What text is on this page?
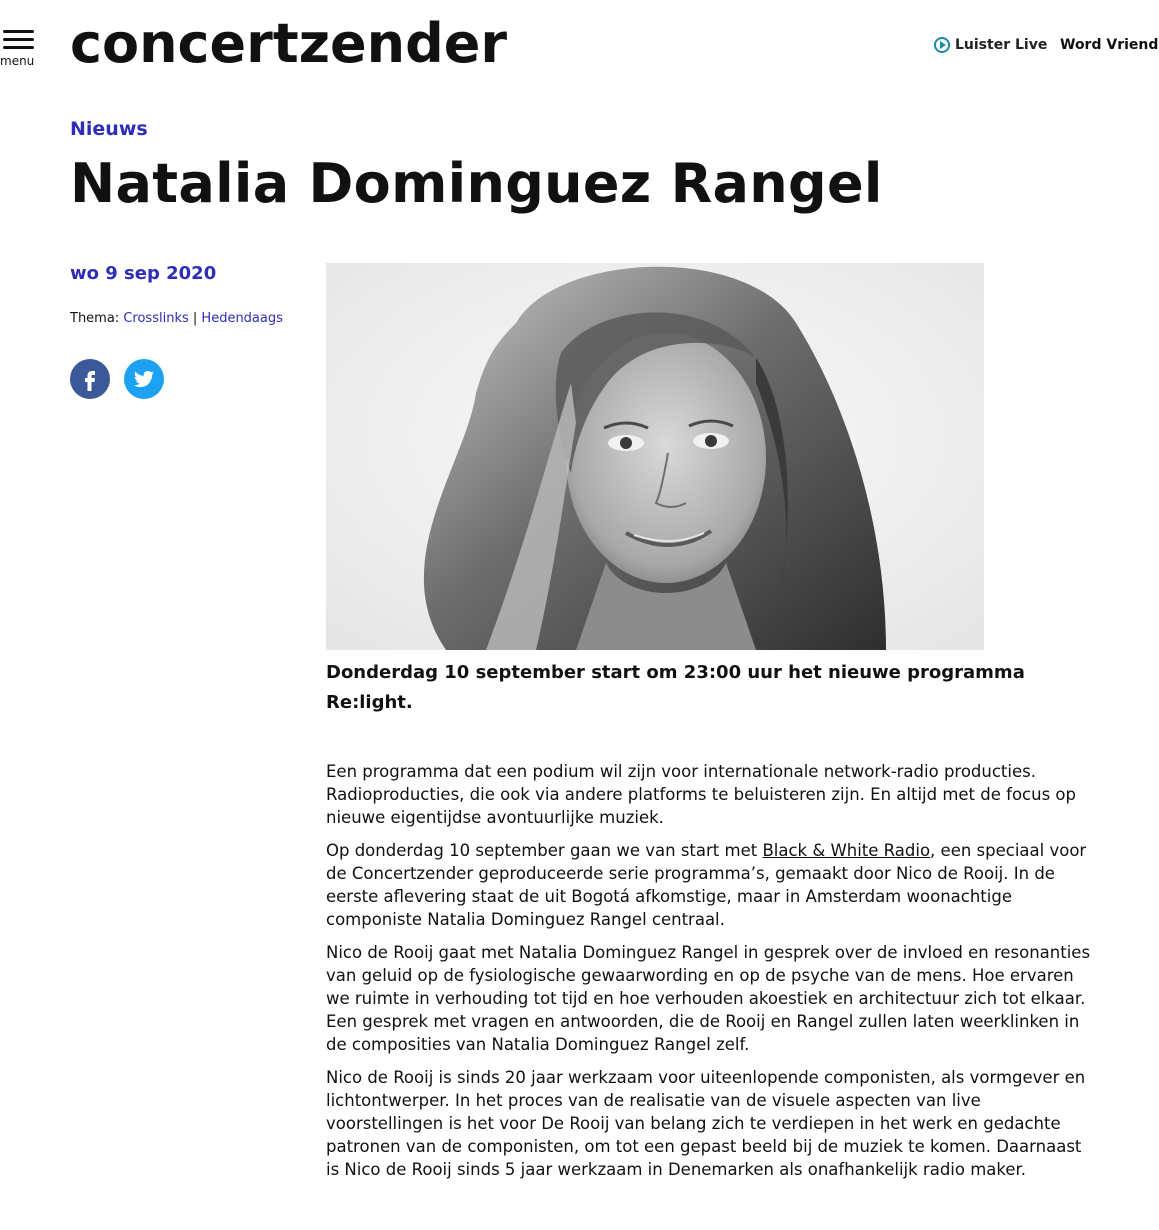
menu concertzender	Luister Live Word Vriend
Nieuws
Natalia Dominguez Rangel
wo 9 sep 2020
Thema: Crosslinks | Hedendaags
Donderdag 10 september start om 23:00 uur het nieuwe programma Re:light.

Een programma dat een podium wil zijn voor internationale network-radio producties. Radioproducties, die ook via andere platforms te beluisteren zijn. En altijd met de focus op nieuwe eigentijdse avontuurlijke muziek.

Op donderdag 10 september gaan we van start met Black & White Radio, een speciaal voor de Concertzender geproduceerde serie programma’s, gemaakt door Nico de Rooij. In de eerste aflevering staat de uit Bogotá afkomstige, maar in Amsterdam woonachtige componiste Natalia Dominguez Rangel centraal.

Nico de Rooij gaat met Natalia Dominguez Rangel in gesprek over de invloed en resonanties van geluid op de fysiologische gewaarwording en op de psyche van de mens. Hoe ervaren we ruimte in verhouding tot tijd en hoe verhouden akoestiek en architectuur zich tot elkaar. Een gesprek met vragen en antwoorden, die de Rooij en Rangel zullen laten weerklinken in de composities van Natalia Dominguez Rangel zelf.

Nico de Rooij is sinds 20 jaar werkzaam voor uiteenlopende componisten, als vormgever en lichtontwerper. In het proces van de realisatie van de visuele aspecten van live voorstellingen is het voor De Rooij van belang zich te verdiepen in het werk en gedachte patronen van de componisten, om tot een gepast beeld bij de muziek te komen. Daarnaast is Nico de Rooij sinds 5 jaar werkzaam in Denemarken als onafhankelijk radio maker.
